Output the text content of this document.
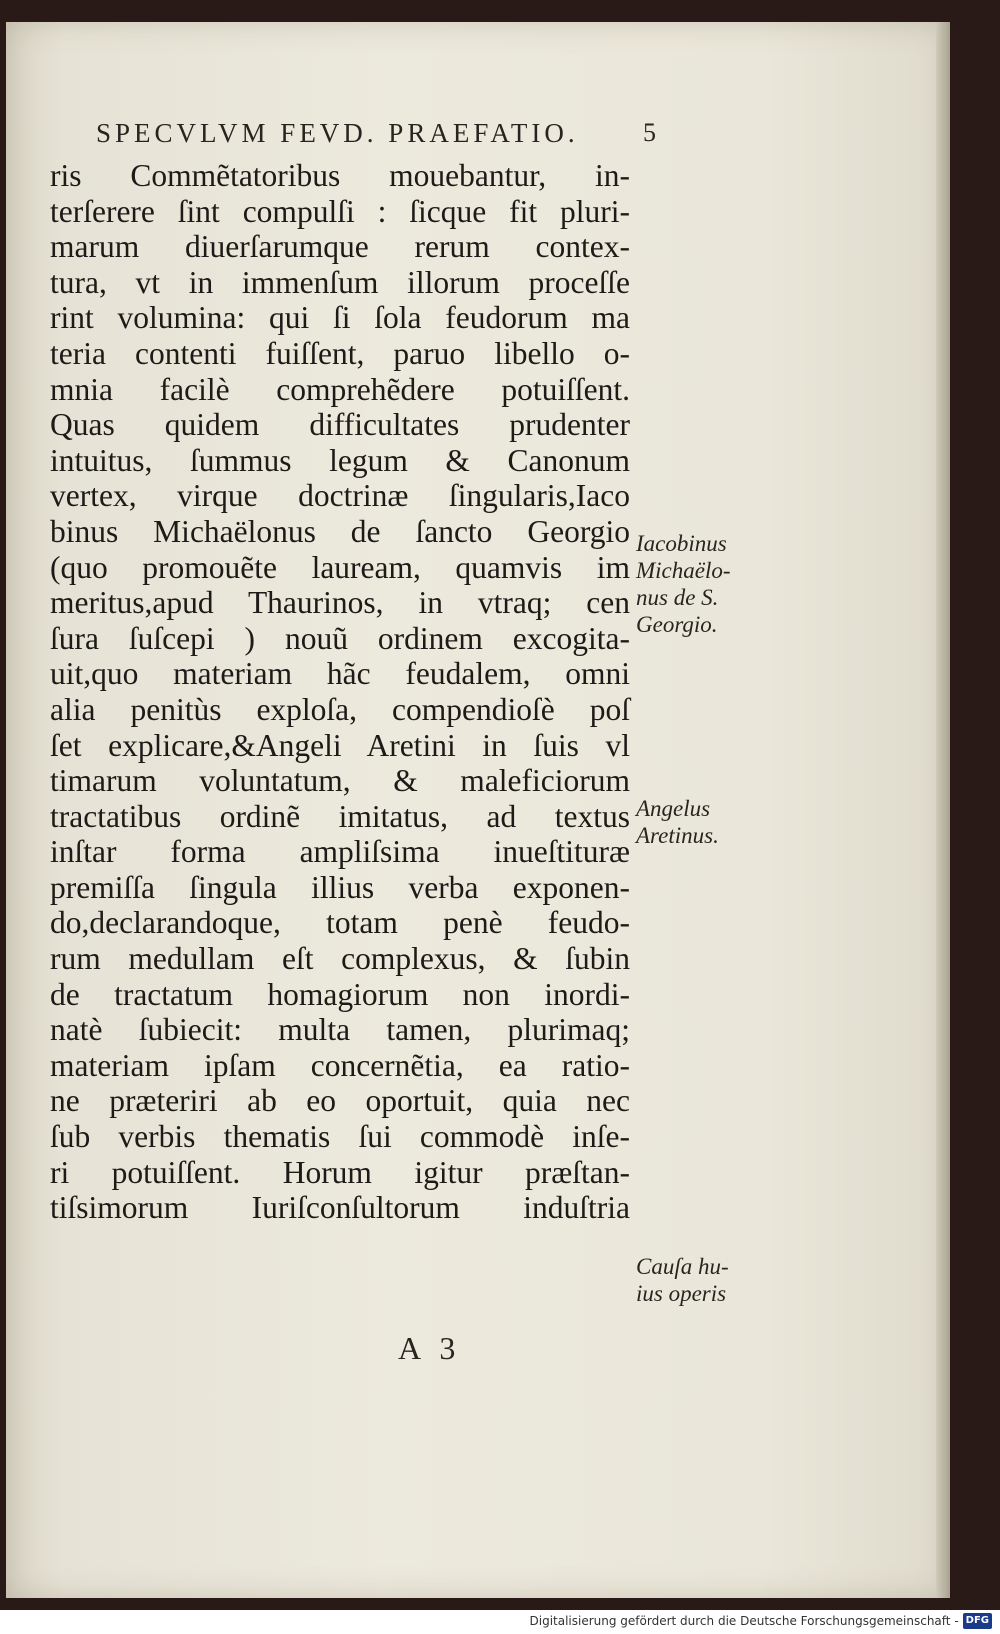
SPECVLVM FEVD. PRAEFATIO. 5
ris Commẽtatoribus mouebantur, in-
terſerere ſint compulſi : ſicque fit pluri-
marum diuerſarumque rerum contex-
tura, vt in immenſum illorum proceſſe
rint volumina: qui ſi ſola feudorum ma
teria contenti fuiſſent, paruo libello o-
mnia facilè comprehẽdere potuiſſent.
Quas quidem difficultates prudenter
intuitus, ſummus legum & Canonum
vertex, virque doctrinæ ſingularis,Iaco
binus Michaëlonus de ſancto Georgio
(quo promouẽte lauream, quamvis im
meritus,apud Thaurinos, in vtraq; cen
ſura ſuſcepi ) nouũ ordinem excogita-
uit,quo materiam hãc feudalem, omni
alia penitùs exploſa, compendioſè poſ
ſet explicare,&Angeli Aretini in ſuis vl
timarum voluntatum, & maleficiorum
tractatibus ordinẽ imitatus, ad textus
inſtar forma ampliſsima inueſtituræ
premiſſa ſingula illius verba exponen-
do,declarandoque, totam penè feudo-
rum medullam eſt complexus, & ſubin
de tractatum homagiorum non inordi-
natè ſubiecit: multa tamen, plurimaq;
materiam ipſam concernẽtia, ea ratio-
ne præteriri ab eo oportuit, quia nec
ſub verbis thematis ſui commodè inſe-
ri potuiſſent. Horum igitur præſtan-
tiſsimorum Iuriſconſultorum induſtria
Iacobinus
Michaëlo-
nus de S.
Georgio.
Angelus
Aretinus.
Cauſa hu-
ius operis
A 3
Digitalisierung gefördert durch die Deutsche Forschungsgemeinschaft - DFG
